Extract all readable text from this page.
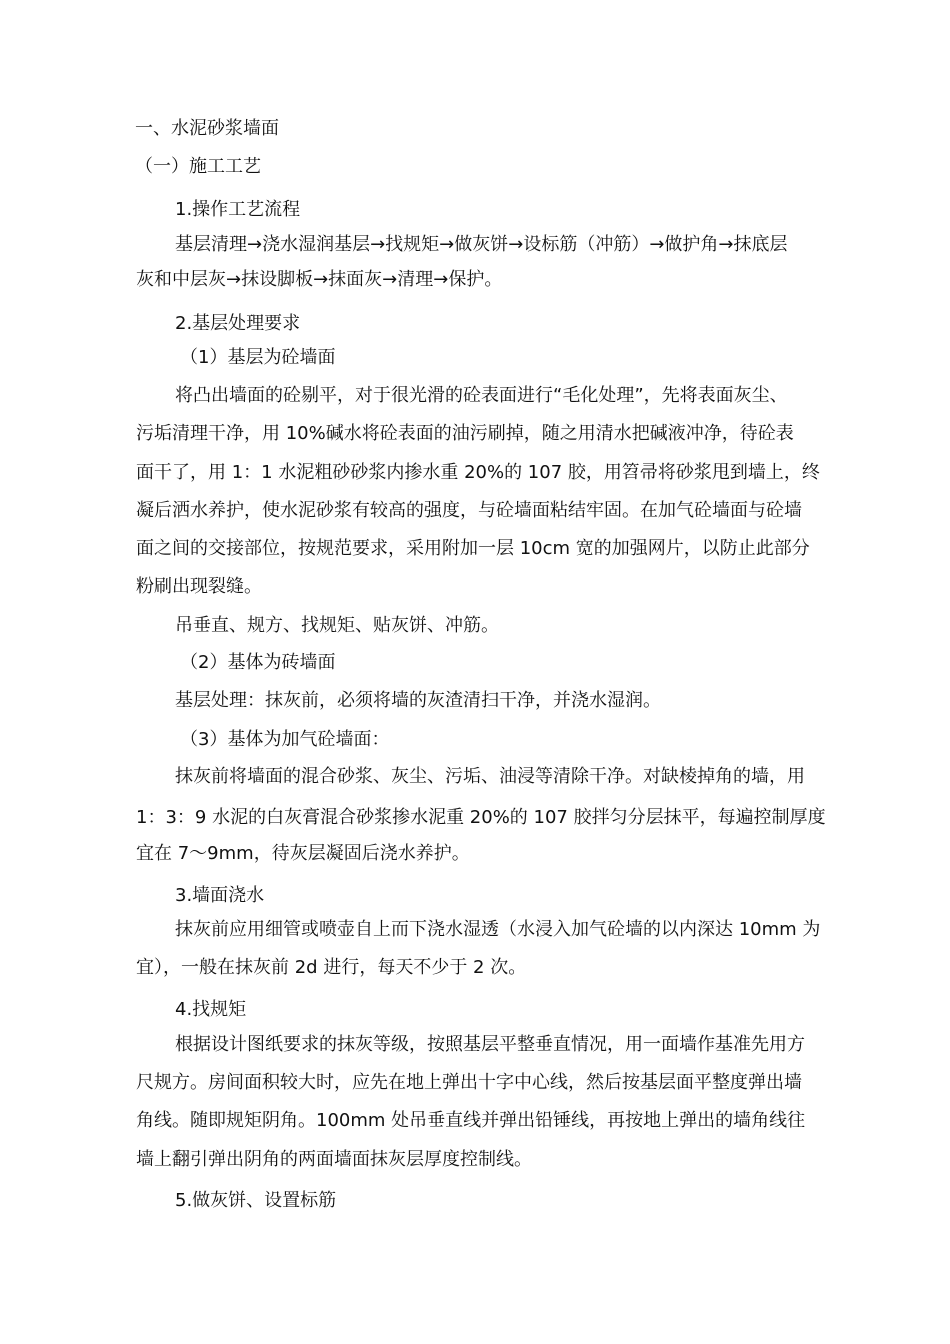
一、水泥砂浆墙面
（一）施工工艺
1.操作工艺流程
基层清理→浇水湿润基层→找规矩→做灰饼→设标筋（冲筋）→做护角→抹底层
灰和中层灰→抹设脚板→抹面灰→清理→保护。
2.基层处理要求
（1）基层为砼墙面
将凸出墙面的砼剔平，对于很光滑的砼表面进行“毛化处理”，先将表面灰尘、
污垢清理干净，用 10%碱水将砼表面的油污刷掉，随之用清水把碱液冲净，待砼表
面干了，用 1：1 水泥粗砂砂浆内掺水重 20%的 107 胶，用笤帚将砂浆甩到墙上，终
凝后洒水养护，使水泥砂浆有较高的强度，与砼墙面粘结牢固。在加气砼墙面与砼墙
面之间的交接部位，按规范要求，采用附加一层 10cm 宽的加强网片，以防止此部分
粉刷出现裂缝。
吊垂直、规方、找规矩、贴灰饼、冲筋。
（2）基体为砖墙面
基层处理：抹灰前，必须将墙的灰渣清扫干净，并浇水湿润。
（3）基体为加气砼墙面：
抹灰前将墙面的混合砂浆、灰尘、污垢、油浸等清除干净。对缺棱掉角的墙，用
1：3：9 水泥的白灰膏混合砂浆掺水泥重 20%的 107 胶拌匀分层抹平，每遍控制厚度
宜在 7～9mm，待灰层凝固后浇水养护。
3.墙面浇水
抹灰前应用细管或喷壶自上而下浇水湿透（水浸入加气砼墙的以内深达 10mm 为
宜），一般在抹灰前 2d 进行，每天不少于 2 次。
4.找规矩
根据设计图纸要求的抹灰等级，按照基层平整垂直情况，用一面墙作基准先用方
尺规方。房间面积较大时，应先在地上弹出十字中心线，然后按基层面平整度弹出墙
角线。随即规矩阴角。100mm 处吊垂直线并弹出铅锤线，再按地上弹出的墙角线往
墙上翻引弹出阴角的两面墙面抹灰层厚度控制线。
5.做灰饼、设置标筋
